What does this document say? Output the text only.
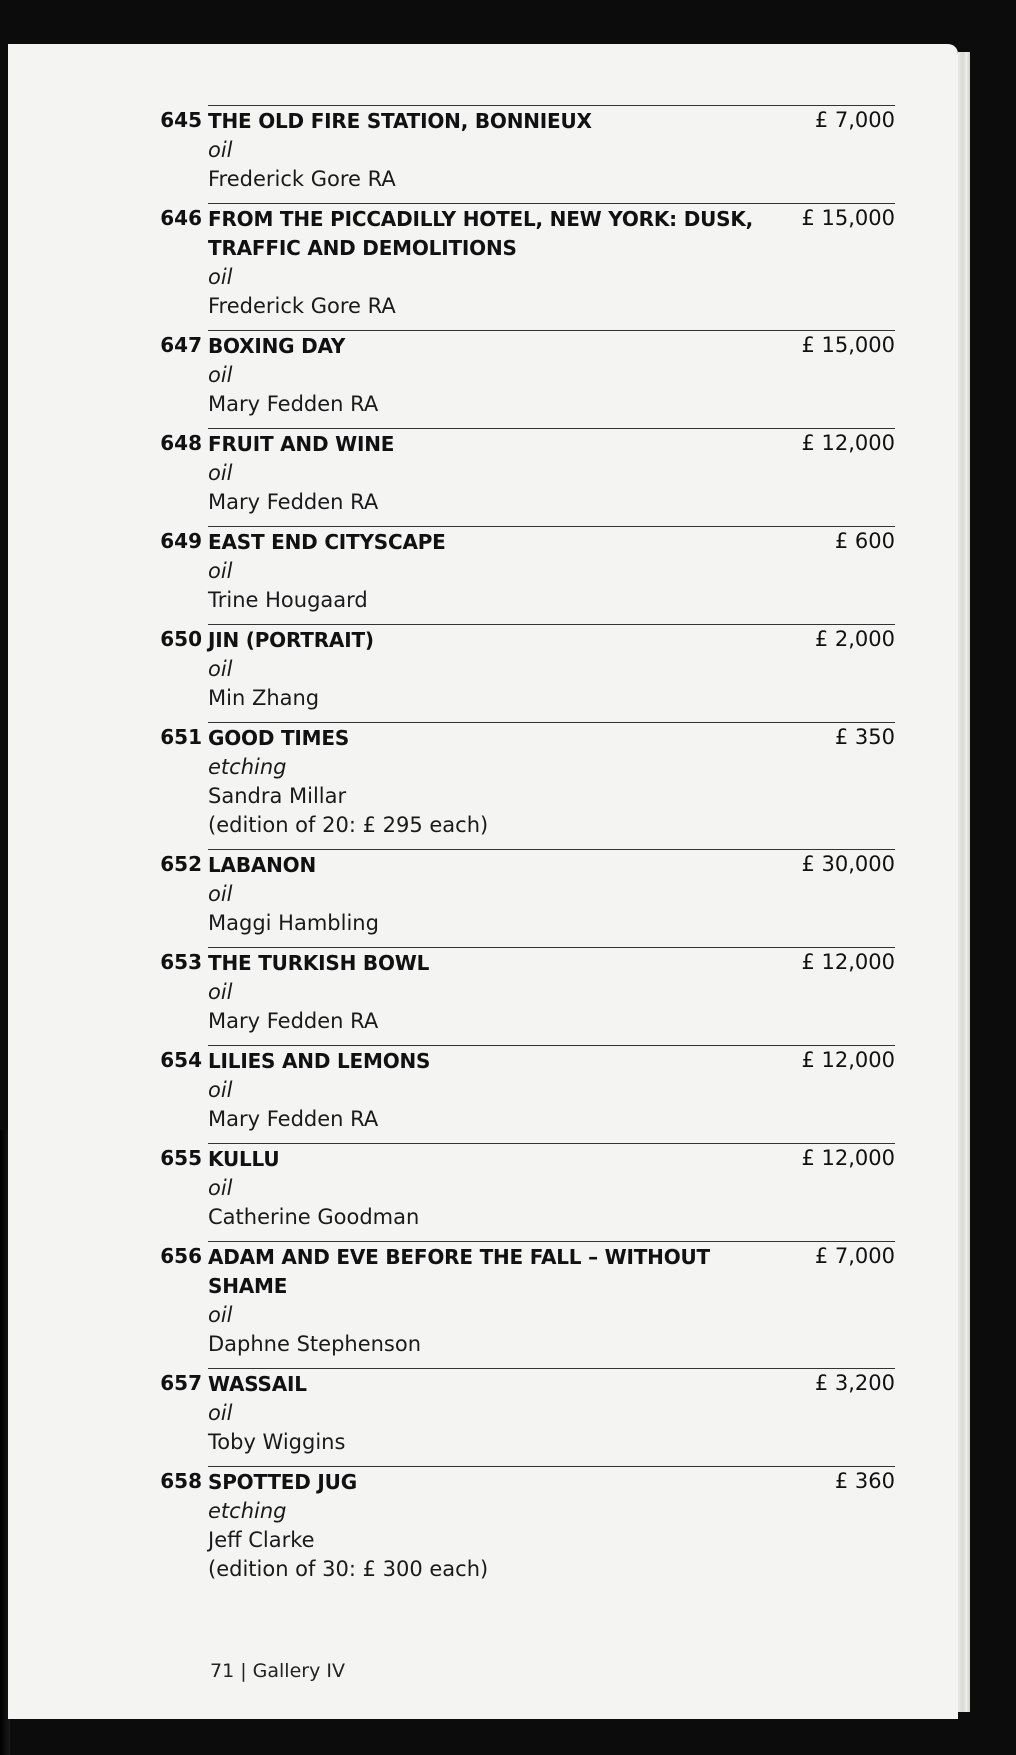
645 THE OLD FIRE STATION, BONNIEUX
oil
Frederick Gore RA
£ 7,000
646 FROM THE PICCADILLY HOTEL, NEW YORK: DUSK, TRAFFIC AND DEMOLITIONS
oil
Frederick Gore RA
£ 15,000
647 BOXING DAY
oil
Mary Fedden RA
£ 15,000
648 FRUIT AND WINE
oil
Mary Fedden RA
£ 12,000
649 EAST END CITYSCAPE
oil
Trine Hougaard
£ 600
650 JIN (PORTRAIT)
oil
Min Zhang
£ 2,000
651 GOOD TIMES
etching
Sandra Millar
(edition of 20: £ 295 each)
£ 350
652 LABANON
oil
Maggi Hambling
£ 30,000
653 THE TURKISH BOWL
oil
Mary Fedden RA
£ 12,000
654 LILIES AND LEMONS
oil
Mary Fedden RA
£ 12,000
655 KULLU
oil
Catherine Goodman
£ 12,000
656 ADAM AND EVE BEFORE THE FALL – WITHOUT SHAME
oil
Daphne Stephenson
£ 7,000
657 WASSAIL
oil
Toby Wiggins
£ 3,200
658 SPOTTED JUG
etching
Jeff Clarke
(edition of 30: £ 300 each)
£ 360
71 | Gallery IV
